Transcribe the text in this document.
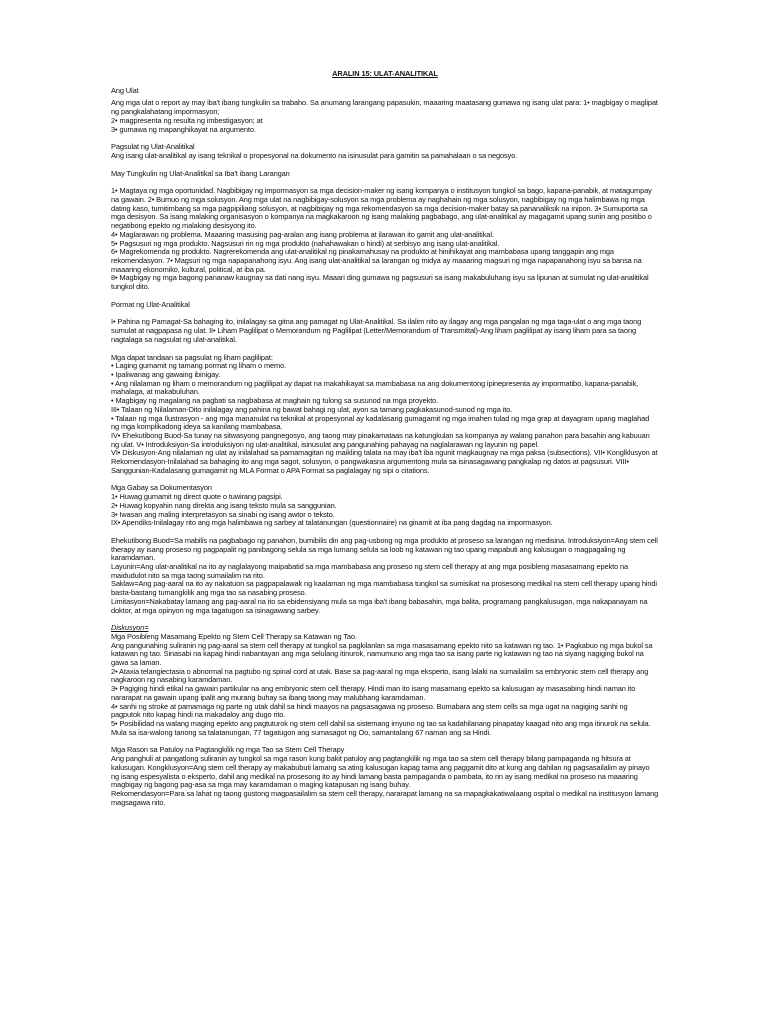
ARALIN 15: ULAT-ANALITIKAL

Ang Ulat

Ang mga ulat o report ay may iba't ibang tungkulin sa trabaho. Sa anumang larangang papasukin, maaaring maatasang gumawa ng isang ulat para: 1• magbigay o maglipat ng pangkalahatang impormasyon;

2• magpresenta ng resulta ng imbestigasyon; at

3• gumawa ng mapanghikayat na argumento.

Pagsulat ng Ulat-Analitikal

Ang isang ulat-analitikal ay isang teknikal o propesyonal na dokumento na isinusulat para gamitin sa pamahalaan o sa negosyo.

May Tungkulin ng Ulat-Analitikal sa Iba't ibang Larangan

1• Magtaya ng mga oportunidad. Nagbibigay ng impormasyon sa mga decision-maker ng isang kompanya o institusyon tungkol sa bago, kapana-panabik, at matagumpay na gawain. 2• Bumuo ng mga solusyon. Ang mga ulat na nagbibigay-solusyon sa mga problema ay naghahain ng mga solusyon, nagbibigay ng mga halimbawa ng mga dating kaso, tumitimbang sa mga pagpipiliang solusyon, at nagbibigay ng mga rekomendasyon sa mga decision-maker batay sa pananaliksik na inipon. 3• Sumuporta sa mga desisyon. Sa isang malaking organisasyon o kompanya na magkakaroon ng isang malaking pagbabago, ang ulat-analitikal ay magagamit upang suriin ang positibo o negatibong epekto ng malaking desisyong ito.

4• Maglarawan ng problema. Maaaring masusing pag-aralan ang isang problema at ilarawan ito gamit ang ulat-analitikal.

5• Pagsusuri ng mga produkto. Nagsusuri rin ng mga produkto (nahahawakan o hindi) at serbisyo ang isang ulat-analitikal.

6• Magrekomenda ng produkto. Nagrerekomenda ang ulat-analitikal ng pinakamahusay na produkto at hinihikayat ang mambabasa upang tanggapin ang mga rekomendasyon. 7• Magsuri ng mga napapanahong isyu. Ang isang ulat-analitikal sa larangan ng midya ay maaaring magsuri ng mga napapanahong isyu sa bansa na maaaring ekonomiko, kultural, political, at iba pa.

8• Magbigay ng mga bagong pananaw kaugnay sa dati nang isyu. Maaari ding gumawa ng pagsusuri sa isang makabuluhang isyu sa lipunan at sumulat ng ulat-analitikal tungkol dito.

Pormat ng Ulat-Analitikal

I• Pahina ng Pamagat-Sa bahaging ito, inilalagay sa gitna ang pamagat ng Ulat-Analitikal. Sa ilalim nito ay ilagay ang mga pangalan ng mga taga-ulat o ang mga taong sumulat at nagpapasa ng ulat. II• Liham Paglilipat o Memorandum ng Paglilipat (Letter/Memorandum of Transmittal)-Ang liham paglilipat ay isang liham para sa taong nagtalaga sa nagsulat ng ulat-analitikal.

Mga dapat tandaan sa pagsulat ng liham paglilipat:

• Laging gumamit ng tamang pormat ng liham o memo.

• Ipaliwanag ang gawaing ibinigay.

• Ang nilalaman ng liham o memorandum ng paglilipat ay dapat na makahikayat sa mambabasa na ang dokumentong ipinepresenta ay impormatibo, kapana-panabik, mahalaga, at makabuluhan.

• Magbigay ng magalang na pagbati sa nagbabasa at maghain ng tulong sa susunod na mga proyekto.

III• Talaan ng Nilalaman-Dito inilalagay ang pahina ng bawat bahagi ng ulat, ayon sa tamang pagkakasunod-sunod ng mga ito.

• Talaan ng mga Ilustrasyon - ang mga mananulat na teknikal at propesyonal ay kadalasang gumagamit ng mga imahen tulad ng mga grap at dayagram upang maglahad ng mga komplikadong ideya sa kanilang mambabasa.

IV• Ehekutibong Buod-Sa tunay na sitwasyong pangnegosyo, ang taong may pinakamataas na katungkulan sa kompanya ay walang panahon para basahin ang kabuuan ng ulat. V• Introduksiyon-Sa introduksiyon ng ulat-analitikal, isinusulat ang pangunahing pahayag na naglalarawan ng layunin ng papel.

VI• Diskusyon-Ang nilalaman ng ulat ay inilalahad sa pamamagitan ng maikling talata na may iba't iba ngunit magkaugnay na mga paksa (subsections). VII• Konglklusyon at Rekomendasyon-Inilalahad sa bahaging ito ang mga sagot, solusyon, o pangwakasna argumentong mula sa isinasagawang pangkalap ng datos at pagsusuri. VIII• Sanggunian-Kadalasang gumagamit ng MLA Format o APA Format sa paglalagay ng sipi o citations.

Mga Gabay sa Dokumentasyon

1• Huwag gumamit ng direct quote o tuwirang pagsipi.

2• Huwag kopyahin nang direkta ang isang teksto mula sa sanggunian.

3• Iwasan ang maling interpretasyon sa sinabi ng isang awtor o teksto.

IX• Apendiks-Inilalagay rito ang mga halimbawa ng sarbey at talatanungan (questionnaire) na ginamit at iba pang dagdag na impormasyon.

Ehekutibong Buod=Sa mabilis na pagbabago ng panahon, bumibilis din ang pag-usbong ng mga produkto at proseso sa larangan ng medisina. Introduksiyon=Ang stem cell therapy ay isang proseso ng pagpapalit ng panibagong selula sa mga lumang selula sa loob ng katawan ng tao upang mapabuti ang kalusugan o magpagaling ng karamdaman.

Layunin=Ang ulat-analitikal na ito ay naglalayong maipabatid sa mga mambabasa ang proseso ng stem cell therapy at ang mga posibleng masasamang epekto na maidudulot nito sa mga taong sumailalim na rito.

Saklaw=Ang pag-aaral na ito ay nakatuon sa pagpapalawak ng kaalaman ng mga mambabasa tungkol sa sumisikat na prosesong medikal na stem cell therapy upang hindi basta-bastang tumangkilik ang mga tao sa nasabing proseso.

Limitasyon=Nakabatay lamang ang pag-aaral na ito sa ebidensiyang mula sa mga iba't ibang babasahin, mga balita, programang pangkalusugan, mga nakapanayam na doktor, at mga opinyon ng mga tagatugon sa isinagawang sarbey.

Diskusyon=

Mga Posibleng Masamang Epekto ng Stem Cell Therapy sa Katawan ng Tao.

Ang pangunahing suliranin ng pag-aaral sa stem cell therapy at tungkol sa pagkilanlan sa mga masasamang epekto nito sa katawan ng tao. 1• Pagkabuo ng mga bukol sa katawan ng tao. Sinasabi na kapag hindi nabantayan ang mga selulang itinurok, namumuno ang mga tao sa isang parte ng katawan ng tao na siyang nagiging bukol na gawa sa laman.

2• Ataxia telangiectasia o abnormal na pagtubo ng spinal cord at utak. Base sa pag-aaral ng mga eksperto, isang lalaki na sumailalim sa embryonic stem cell therapy ang nagkaroon ng nasabing karamdaman.

3• Pagiging hindi etikal na gawain partikular na ang embryonic stem cell therapy. Hindi man ito isang masamang epekto sa kalusugan ay masasabing hindi naman ito nararapat na gawain upang ipalit ang murang buhay sa ibang taong may malubhang karamdaman.

4• sanhi ng stroke at pamamaga ng parte ng utak dahil sa hindi maayos na pagsasagawa ng proseso. Bumabara ang stem cells sa mga ugat na nagiging sanhi ng pagputok nito kapag hindi na makadaloy ang dugo rito.

5• Posibilidad na walang maging epekto ang pagtuturok ng stem cell dahil sa sistemang imyuno ng tao sa kadahilanang pinapatay kaagad nito ang mga itinurok na selula. Mula sa isa-walong tanong sa talatanungan, 77 tagatugon ang sumasagot ng Oo, samantalang 67 naman ang sa Hindi.

Mga Rason sa Patuloy na Pagtangkilik ng mga Tao sa Stem Cell Therapy

Ang panghuli at pangatlong suliranin ay tungkol sa mga rason kung bakit patuloy ang pagtangkilik ng mga tao sa stem cell therapy bilang pampaganda ng hitsura at kalusugan. Kongklusyon=Ang stem cell therapy ay makabubuti lamang sa ating kalusugan kapag tama ang paggamit dito at kung ang dahilan ng pagsasailalim ay pinayo ng isang espesyalista o eksperto, dahil ang medikal na prosesong ito ay hindi lamang basta pampaganda o pambata, ito rin ay isang medikal na proseso na maaaring magbigay ng bagong pag-asa sa mga may karamdaman o maging katapusan ng isang buhay.

Rekomendasyon=Para sa lahat ng taong gustong magpasailalim sa stem cell therapy, nararapat lamang na sa mapagkakatiwalaang ospital o medikal na institusyon lamang magsagawa nito.
